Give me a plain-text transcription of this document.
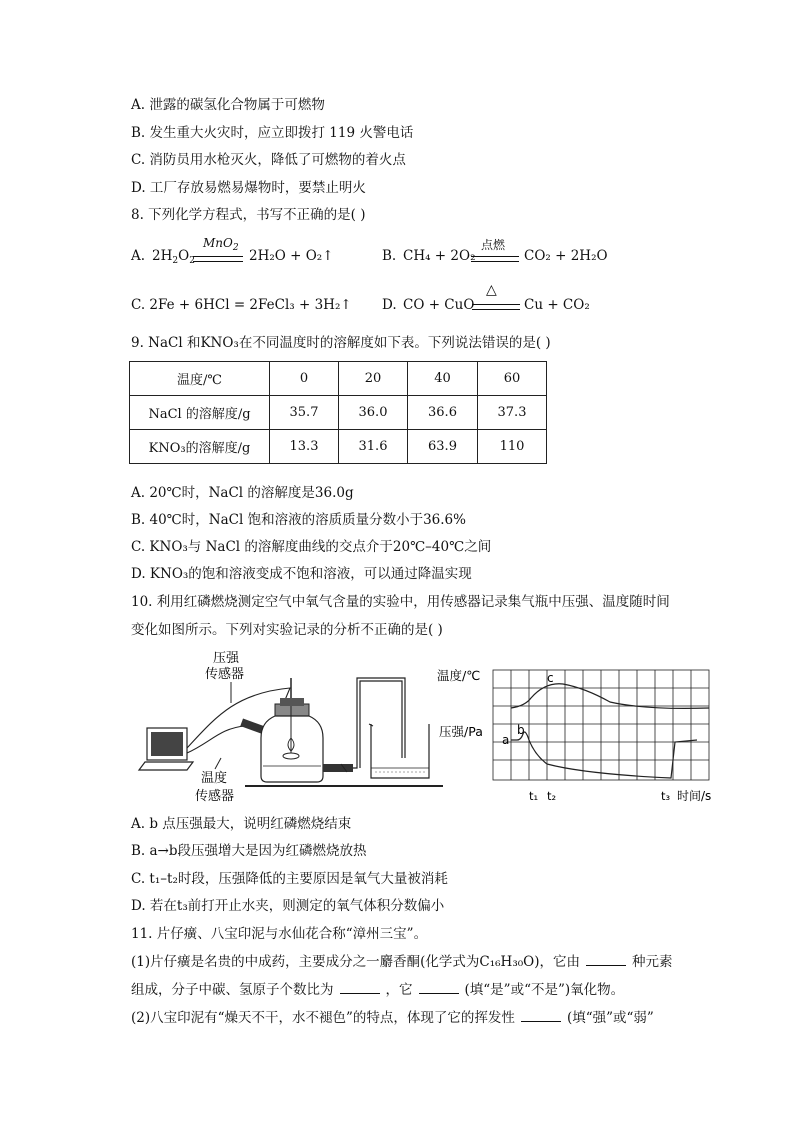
A. 泄露的碳氢化合物属于可燃物
B. 发生重大火灾时，应立即拨打 119 火警电话
C. 消防员用水枪灭火，降低了可燃物的着火点
D. 工厂存放易燃易爆物时，要禁止明火
8. 下列化学方程式，书写不正确的是( )
A. $2H_2O_2$
MnO$_2$ 2H₂O + O₂↑	B. CH₄ + 2O₂
点燃
CO₂ + 2H₂O
C. 2Fe + 6HCl = 2FeCl₃ + 3H₂↑ D. CO + CuO
△
Cu + CO₂
9. NaCl 和KNO₃在不同温度时的溶解度如下表。下列说法错误的是( )
温度/℃	0	20	40	60
NaCl 的溶解度/g	35.7	36.0	36.6	37.3
KNO₃的溶解度/g	13.3	31.6	63.9	110
A. 20℃时，NaCl 的溶解度是36.0g
B. 40℃时，NaCl 饱和溶液的溶质质量分数小于36.6%
C. KNO₃与 NaCl 的溶解度曲线的交点介于20℃–40℃之间
D. KNO₃的饱和溶液变成不饱和溶液，可以通过降温实现
10. 利用红磷燃烧测定空气中氧气含量的实验中，用传感器记录集气瓶中压强、温度随时间
变化如图所示。下列对实验记录的分析不正确的是( )
压强
传感器
温度
传感器
温度/℃
压强/Pa
a
b
c
t₁ t₂	t₃ 时间/s
A. b 点压强最大，说明红磷燃烧结束
B. a→b段压强增大是因为红磷燃烧放热
C. t₁–t₂时段，压强降低的主要原因是氧气大量被消耗
D. 若在t₃前打开止水夹，则测定的氧气体积分数偏小
11. 片仔癀、八宝印泥与水仙花合称“漳州三宝”。
(1)片仔癀是名贵的中成药，主要成分之一麝香酮(化学式为C₁₆H₃₀O)，它由	种元素
组成，分子中碳、氢原子个数比为	，它	(填“是”或“不是”)氧化物。
(2)八宝印泥有“燥天不干，水不褪色”的特点，体现了它的挥发性	(填“强”或“弱”
